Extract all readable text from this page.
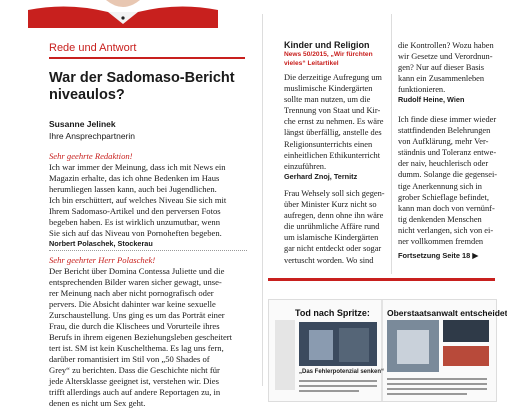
Rede und Antwort
War der Sadomaso-Bericht niveaulos?
Susanne Jelinek
Ihre Ansprechpartnerin

Sehr geehrte Redaktion!

Ich war immer der Meinung, dass ich mit News ein

Magazin erhalte, das ich ohne Bedenken im Haus

herumliegen lassen kann, auch bei Jugendlichen.

Ich bin erschüttert, auf welches Niveau Sie sich mit

Ihrem Sadomaso-Artikel und den perversen Fotos

begeben haben. Es ist wirklich unzumutbar, wenn

Sie sich auf das Niveau von Pornoheften begeben.

Norbert Polaschek, Stockerau

Sehr geehrter Herr Polaschek!

Der Bericht über Domina Contessa Juliette und die

entsprechenden Bilder waren sicher gewagt, unse-

rer Meinung nach aber nicht pornografisch oder

pervers. Die Absicht dahinter war keine sexuelle

Zurschaustellung. Uns ging es um das Porträt einer

Frau, die durch die Klischees und Vorurteile ihres

Berufs in ihrem eigenen Beziehungsleben gescheitert

tert ist. SM ist kein Kuschelthema. Es lag uns fern,

darüber romantisiert im Stil von „50 Shades of

Grey“ zu berichten. Dass die Geschichte nicht für

jede Altersklasse geeignet ist, verstehen wir. Dies

trifft allerdings auch auf andere Reportagen zu, in

denen es nicht um Sex geht.

Kinder und Religion
News 50/2015, „Wir fürchten vieles“ Leitartikel

Die derzeitige Aufregung um

muslimische Kindergärten

sollte man nutzen, um die

Trennung von Staat und Kir-

che ernst zu nehmen. Es wäre

längst überfällig, anstelle des

Religionsunterrichts einen

einheitlichen Ethikunterricht

einzuführen.

Gerhard Znoj, Ternitz

Frau Wehsely soll sich gegen-

über Minister Kurz nicht so

aufregen, denn ohne ihn wäre

die unrühmliche Affäre rund

um islamische Kindergärten

gar nicht entdeckt oder sogar

vertuscht worden. Wo sind

die Kontrollen? Wozu haben

wir Gesetze und Verordnun-

gen? Nur auf dieser Basis

kann ein Zusammenleben

funktionieren.

Rudolf Heine, Wien

Ich finde diese immer wieder

stattfindenden Belehrungen

von Aufklärung, mehr Ver-

ständnis und Toleranz entwe-

der naiv, heuchlerisch oder

dumm. Solange die gegensei-

tige Anerkennung sich in

grober Schieflage befindet,

kann man doch von vernünf-

tig denkenden Menschen

nicht verlangen, sich von ei-

ner vollkommen fremden

Fortsetzung Seite 18 ▶
Tod nach Spritze: Oberstaatsanwalt entscheidet
„Das Fehlerpotenzial senken“
